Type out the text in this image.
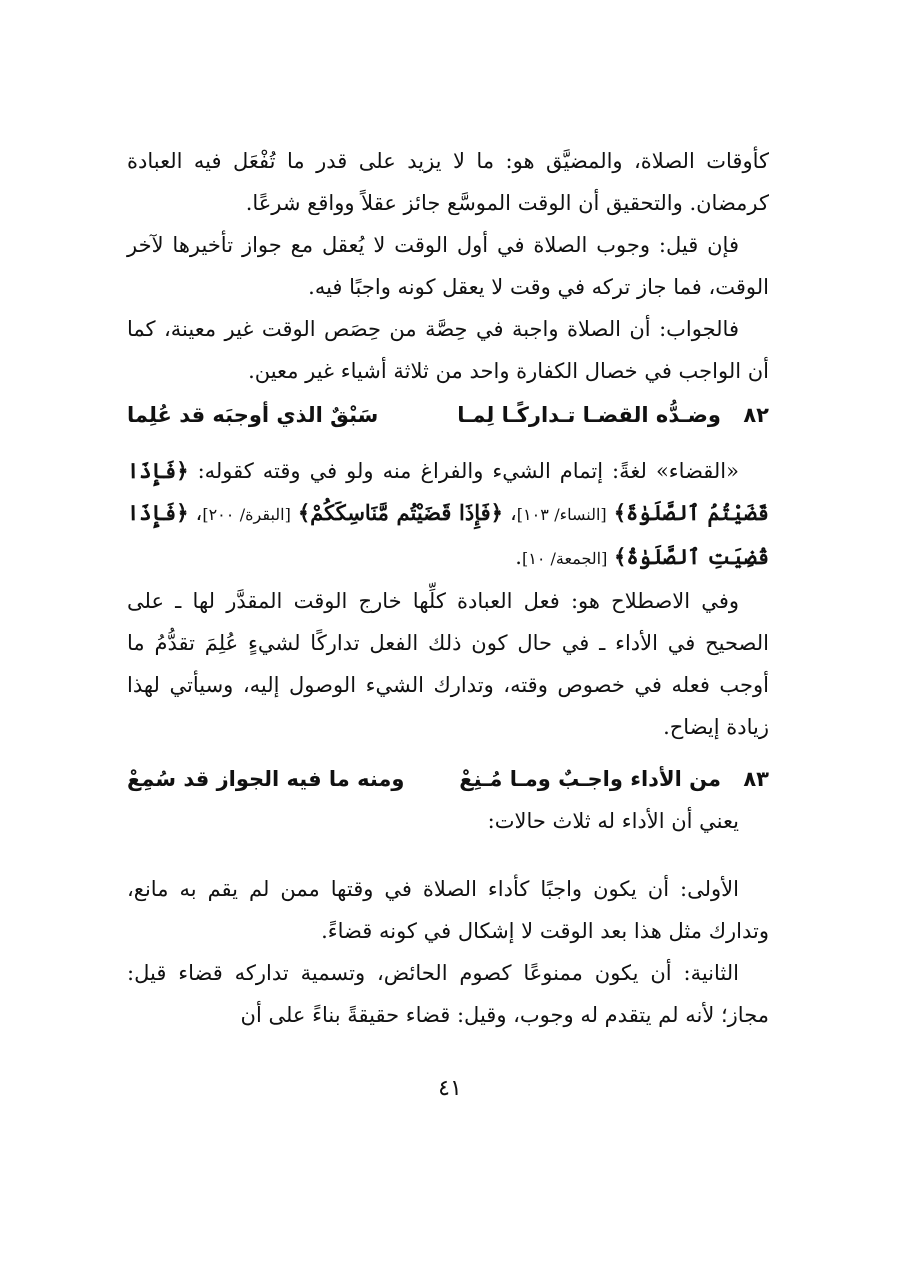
كأوقات الصلاة، والمضيَّق هو: ما لا يزيد على قدر ما تُفْعَل فيه العبادة كرمضان. والتحقيق أن الوقت الموسَّع جائز عقلاً وواقع شرعًا.

فإن قيل: وجوب الصلاة في أول الوقت لا يُعقل مع جواز تأخيرها لآخر الوقت، فما جاز تركه في وقت لا يعقل كونه واجبًا فيه.

فالجواب: أن الصلاة واجبة في حِصَّة من حِصَص الوقت غير معينة، كما أن الواجب في خصال الكفارة واحد من ثلاثة أشياء غير معين.

٨٢
وضـدُّه القضـا تـداركًـا لِمـا
سَبْقٌ الذي أوجبَه قد عُلِما

«القضاء» لغةً: إتمام الشيء والفراغ منه ولو في وقته كقوله: ﴿فَإِذَا قَضَيْتُمُ ٱلصَّلَوٰةَ﴾ [النساء/ ١٠٣]، ﴿فَإِذَا قَضَيْتُم مَّنَاسِكَكُمْ﴾ [البقرة/ ٢٠٠]، ﴿فَإِذَا قُضِيَتِ ٱلصَّلَوٰةُ﴾ [الجمعة/ ١٠].

وفي الاصطلاح هو: فعل العبادة كلِّها خارج الوقت المقدَّر لها ـ على الصحيح في الأداء ـ في حال كون ذلك الفعل تداركًا لشيءٍ عُلِمَ تقدُّمُ ما أوجب فعله في خصوص وقته، وتدارك الشيء الوصول إليه، وسيأتي لهذا زيادة إيضاح.

٨٣
من الأداء واجـبٌ ومـا مُـنِعْ
ومنه ما فيه الجواز قد سُمِعْ

يعني أن الأداء له ثلاث حالات:

الأولى: أن يكون واجبًا كأداء الصلاة في وقتها ممن لم يقم به مانع، وتدارك مثل هذا بعد الوقت لا إشكال في كونه قضاءً.

الثانية: أن يكون ممنوعًا كصوم الحائض، وتسمية تداركه قضاء قيل: مجاز؛ لأنه لم يتقدم له وجوب، وقيل: قضاء حقيقةً بناءً على أن

٤١
